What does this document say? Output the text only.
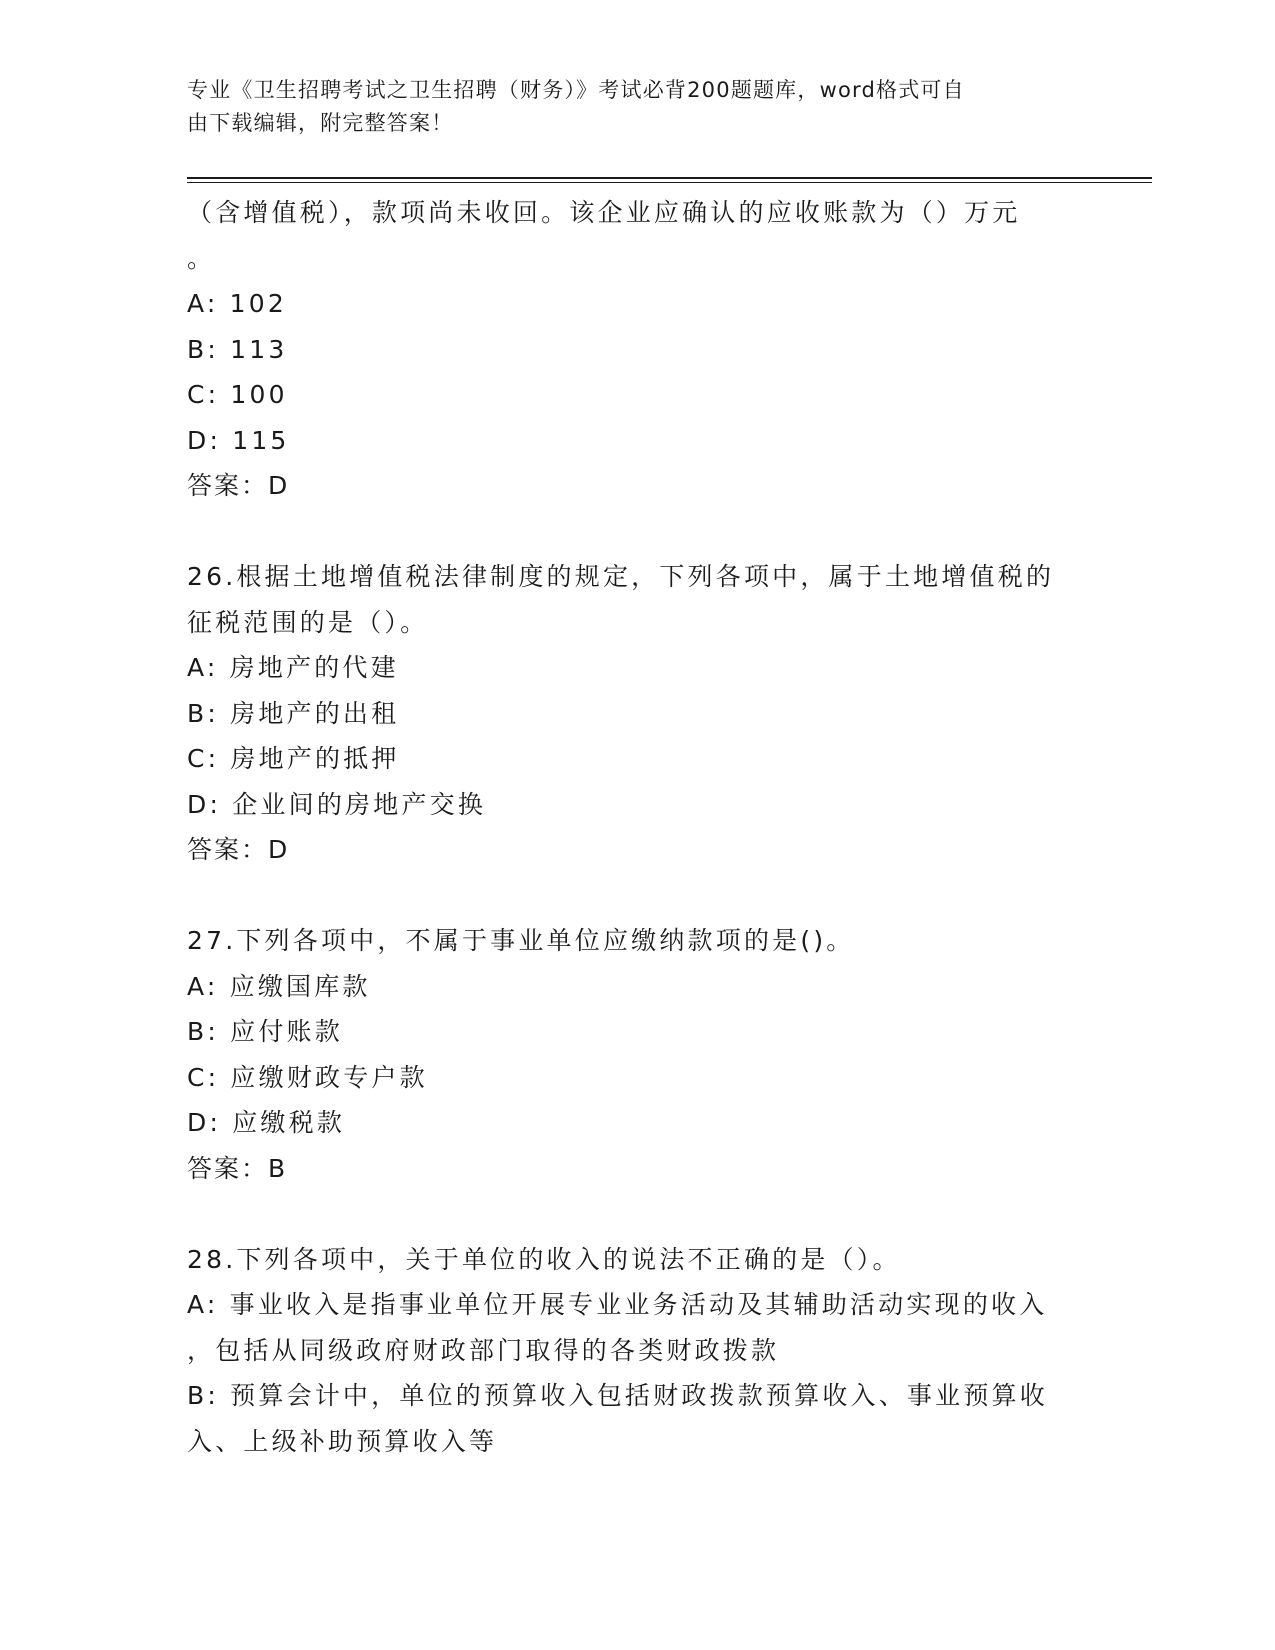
专业《卫生招聘考试之卫生招聘（财务）》考试必背200题题库，word格式可自
由下载编辑，附完整答案！
（含增值税），款项尚未收回。该企业应确认的应收账款为（）万元
。
A: 102
B: 113
C: 100
D: 115
答案：D
26.根据土地增值税法律制度的规定，下列各项中，属于土地增值税的
征税范围的是（）。
A: 房地产的代建
B: 房地产的出租
C: 房地产的抵押
D: 企业间的房地产交换
答案：D
27.下列各项中，不属于事业单位应缴纳款项的是()。
A: 应缴国库款
B: 应付账款
C: 应缴财政专户款
D: 应缴税款
答案：B
28.下列各项中，关于单位的收入的说法不正确的是（）。
A: 事业收入是指事业单位开展专业业务活动及其辅助活动实现的收入
，包括从同级政府财政部门取得的各类财政拨款
B: 预算会计中，单位的预算收入包括财政拨款预算收入、事业预算收
入、上级补助预算收入等
